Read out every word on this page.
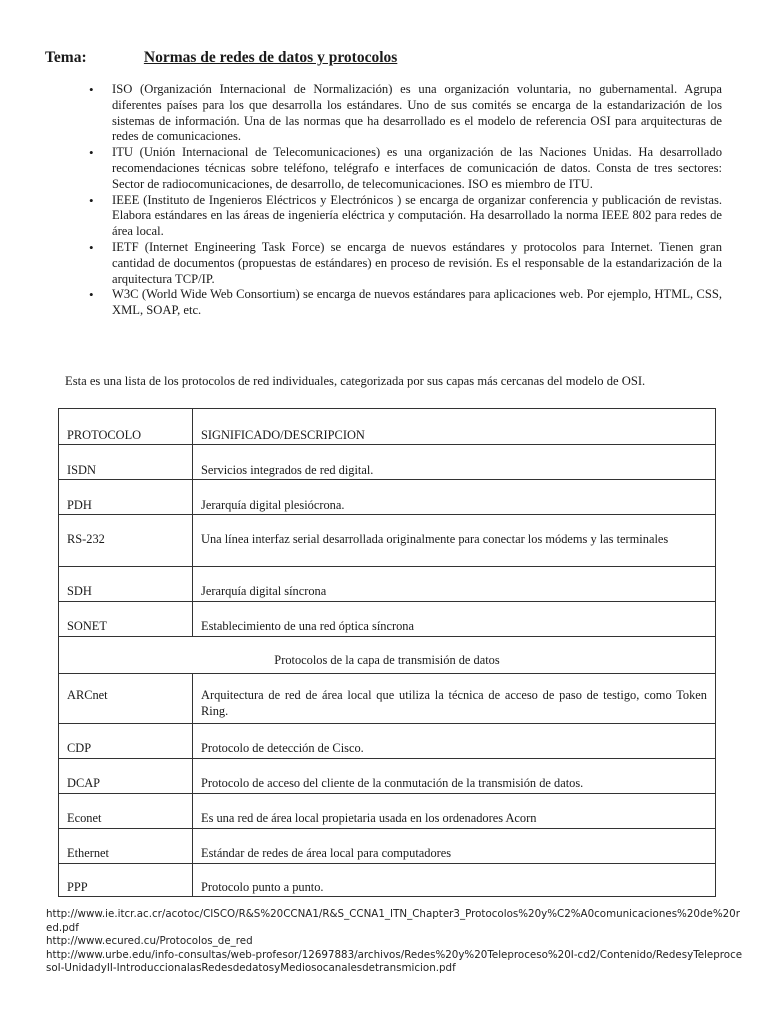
Tema:	Normas de redes de datos y protocolos
• ISO (Organización Internacional de Normalización) es una organización voluntaria, no gubernamental. Agrupa diferentes países para los que desarrolla los estándares. Uno de sus comités se encarga de la estandarización de los sistemas de información. Una de las normas que ha desarrollado es el modelo de referencia OSI para arquitecturas de redes de comunicaciones.
• ITU (Unión Internacional de Telecomunicaciones) es una organización de las Naciones Unidas. Ha desarrollado recomendaciones técnicas sobre teléfono, telégrafo e interfaces de comunicación de datos. Consta de tres sectores: Sector de radiocomunicaciones, de desarrollo, de telecomunicaciones. ISO es miembro de ITU.
• IEEE (Instituto de Ingenieros Eléctricos y Electrónicos ) se encarga de organizar conferencia y publicación de revistas. Elabora estándares en las áreas de ingeniería eléctrica y computación. Ha desarrollado la norma IEEE 802 para redes de área local.
• IETF (Internet Engineering Task Force) se encarga de nuevos estándares y protocolos para Internet. Tienen gran cantidad de documentos (propuestas de estándares) en proceso de revisión. Es el responsable de la estandarización de la arquitectura TCP/IP.
• W3C (World Wide Web Consortium) se encarga de nuevos estándares para aplicaciones web. Por ejemplo, HTML, CSS, XML, SOAP, etc.
Esta es una lista de los protocolos de red individuales, categorizada por sus capas más cercanas del modelo de OSI.
PROTOCOLO	SIGNIFICADO/DESCRIPCION

ISDN	Servicios integrados de red digital.

PDH	Jerarquía digital plesiócrona.

RS-232	Una línea interfaz serial desarrollada originalmente para conectar los módems y las terminales

SDH	Jerarquía digital síncrona

SONET	Establecimiento de una red óptica síncrona

Protocolos de la capa de transmisión de datos	

ARCnet	Arquitectura de red de área local que utiliza la técnica de acceso de paso de testigo, como Token Ring.

CDP	Protocolo de detección de Cisco.

DCAP	Protocolo de acceso del cliente de la conmutación de la transmisión de datos.

Econet	Es una red de área local propietaria usada en los ordenadores Acorn

Ethernet	Estándar de redes de área local para computadores

PPP	Protocolo punto a punto.
http://www.ie.itcr.ac.cr/acotoc/CISCO/R&S%20CCNA1/R&S_CCNA1_ITN_Chapter3_Protocolos%20y%C2%A0comunicaciones%20de%20red.pdf
http://www.ecured.cu/Protocolos_de_red
http://www.urbe.edu/info-consultas/web-profesor/12697883/archivos/Redes%20y%20Teleproceso%20I-cd2/Contenido/RedesyTeleprocesoI-UnidadyII-IntroduccionalasRedesdedatosyMediosocanalesdetransmicion.pdf
